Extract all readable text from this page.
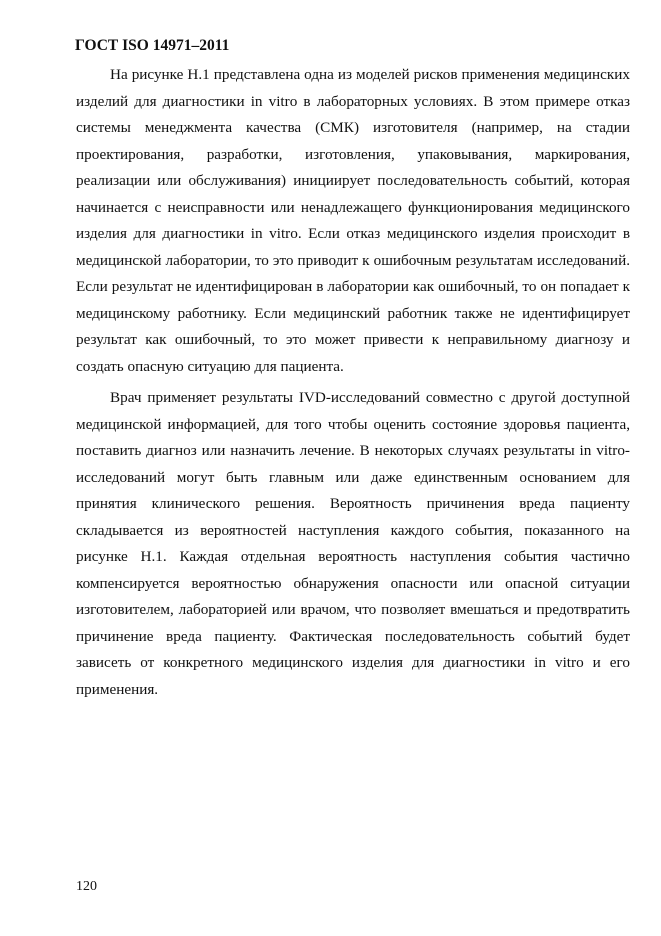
ГОСТ ISO 14971–2011

На рисунке Н.1 представлена одна из моделей рисков применения медицинских изделий для диагностики in vitro в лабораторных условиях. В этом примере отказ системы менеджмента качества (СМК) изготовителя (например, на стадии проектирования, разработки, изготовления, упаковывания, маркирования, реализации или обслуживания) инициирует последовательность событий, которая начинается с неисправности или ненадлежащего функционирования медицинского изделия для диагностики in vitro. Если отказ медицинского изделия происходит в медицинской лаборатории, то это приводит к ошибочным результатам исследований. Если результат не идентифицирован в лаборатории как ошибочный, то он попадает к медицинскому работнику. Если медицинский работник также не идентифицирует результат как ошибочный, то это может привести к неправильному диагнозу и создать опасную ситуацию для пациента.

Врач применяет результаты IVD-исследований совместно с другой доступной медицинской информацией, для того чтобы оценить состояние здоровья пациента, поставить диагноз или назначить лечение. В некоторых случаях результаты in vitro-исследований могут быть главным или даже единственным основанием для принятия клинического решения. Вероятность причинения вреда пациенту складывается из вероятностей наступления каждого события, показанного на рисунке Н.1. Каждая отдельная вероятность наступления события частично компенсируется вероятностью обнаружения опасности или опасной ситуации изготовителем, лабораторией или врачом, что позволяет вмешаться и предотвратить причинение вреда пациенту. Фактическая последовательность событий будет зависеть от конкретного медицинского изделия для диагностики in vitro и его применения.

120
